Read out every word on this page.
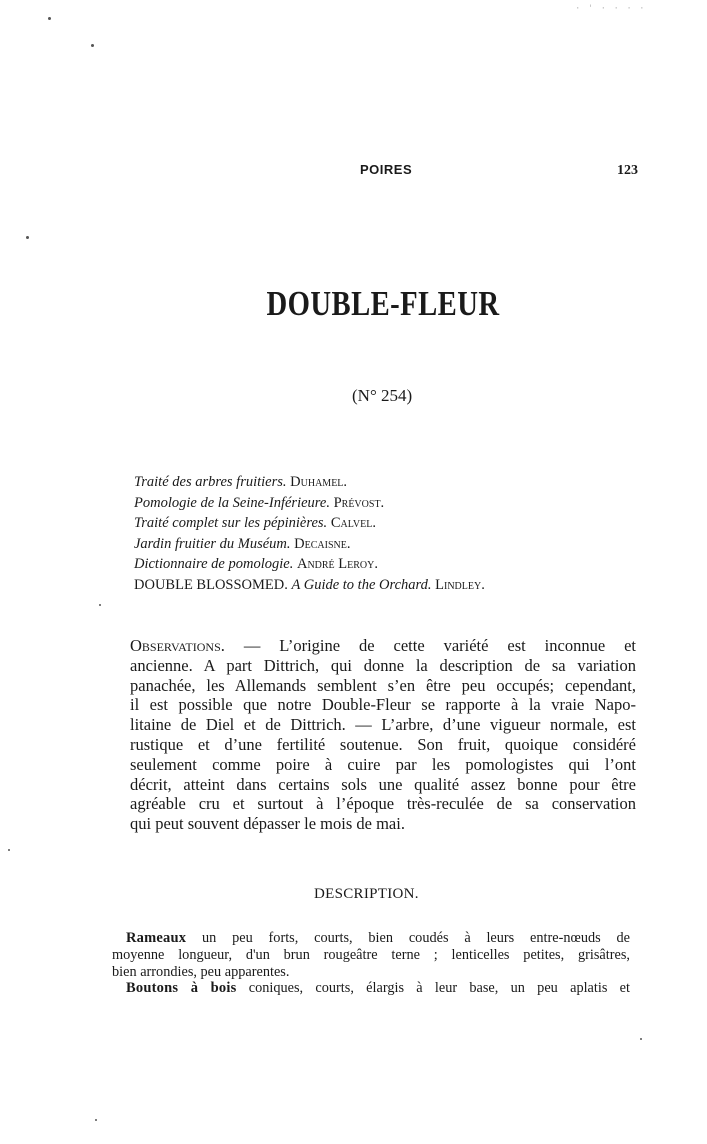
· ' · · · ·
POIRES	123
DOUBLE-FLEUR
(N° 254)
Traité des arbres fruitiers. Duhamel.
Pomologie de la Seine-Inférieure. Prévost.
Traité complet sur les pépinières. Calvel.
Jardin fruitier du Muséum. Decaisne.
Dictionnaire de pomologie. André Leroy.
DOUBLE BLOSSOMED. A Guide to the Orchard. Lindley.
Observations. — L’origine de cette variété est inconnue et
ancienne. A part Dittrich, qui donne la description de sa variation
panachée, les Allemands semblent s’en être peu occupés; cependant,
il est possible que notre Double-Fleur se rapporte à la vraie Napo-
litaine de Diel et de Dittrich. — L’arbre, d’une vigueur normale, est
rustique et d’une fertilité soutenue. Son fruit, quoique considéré
seulement comme poire à cuire par les pomologistes qui l’ont
décrit, atteint dans certains sols une qualité assez bonne pour être
agréable cru et surtout à l’époque très-reculée de sa conservation
qui peut souvent dépasser le mois de mai.
DESCRIPTION.
Rameaux un peu forts, courts, bien coudés à leurs entre-nœuds de
moyenne longueur, d'un brun rougeâtre terne ; lenticelles petites, grisâtres,
bien arrondies, peu apparentes.
Boutons à bois coniques, courts, élargis à leur base, un peu aplatis et
